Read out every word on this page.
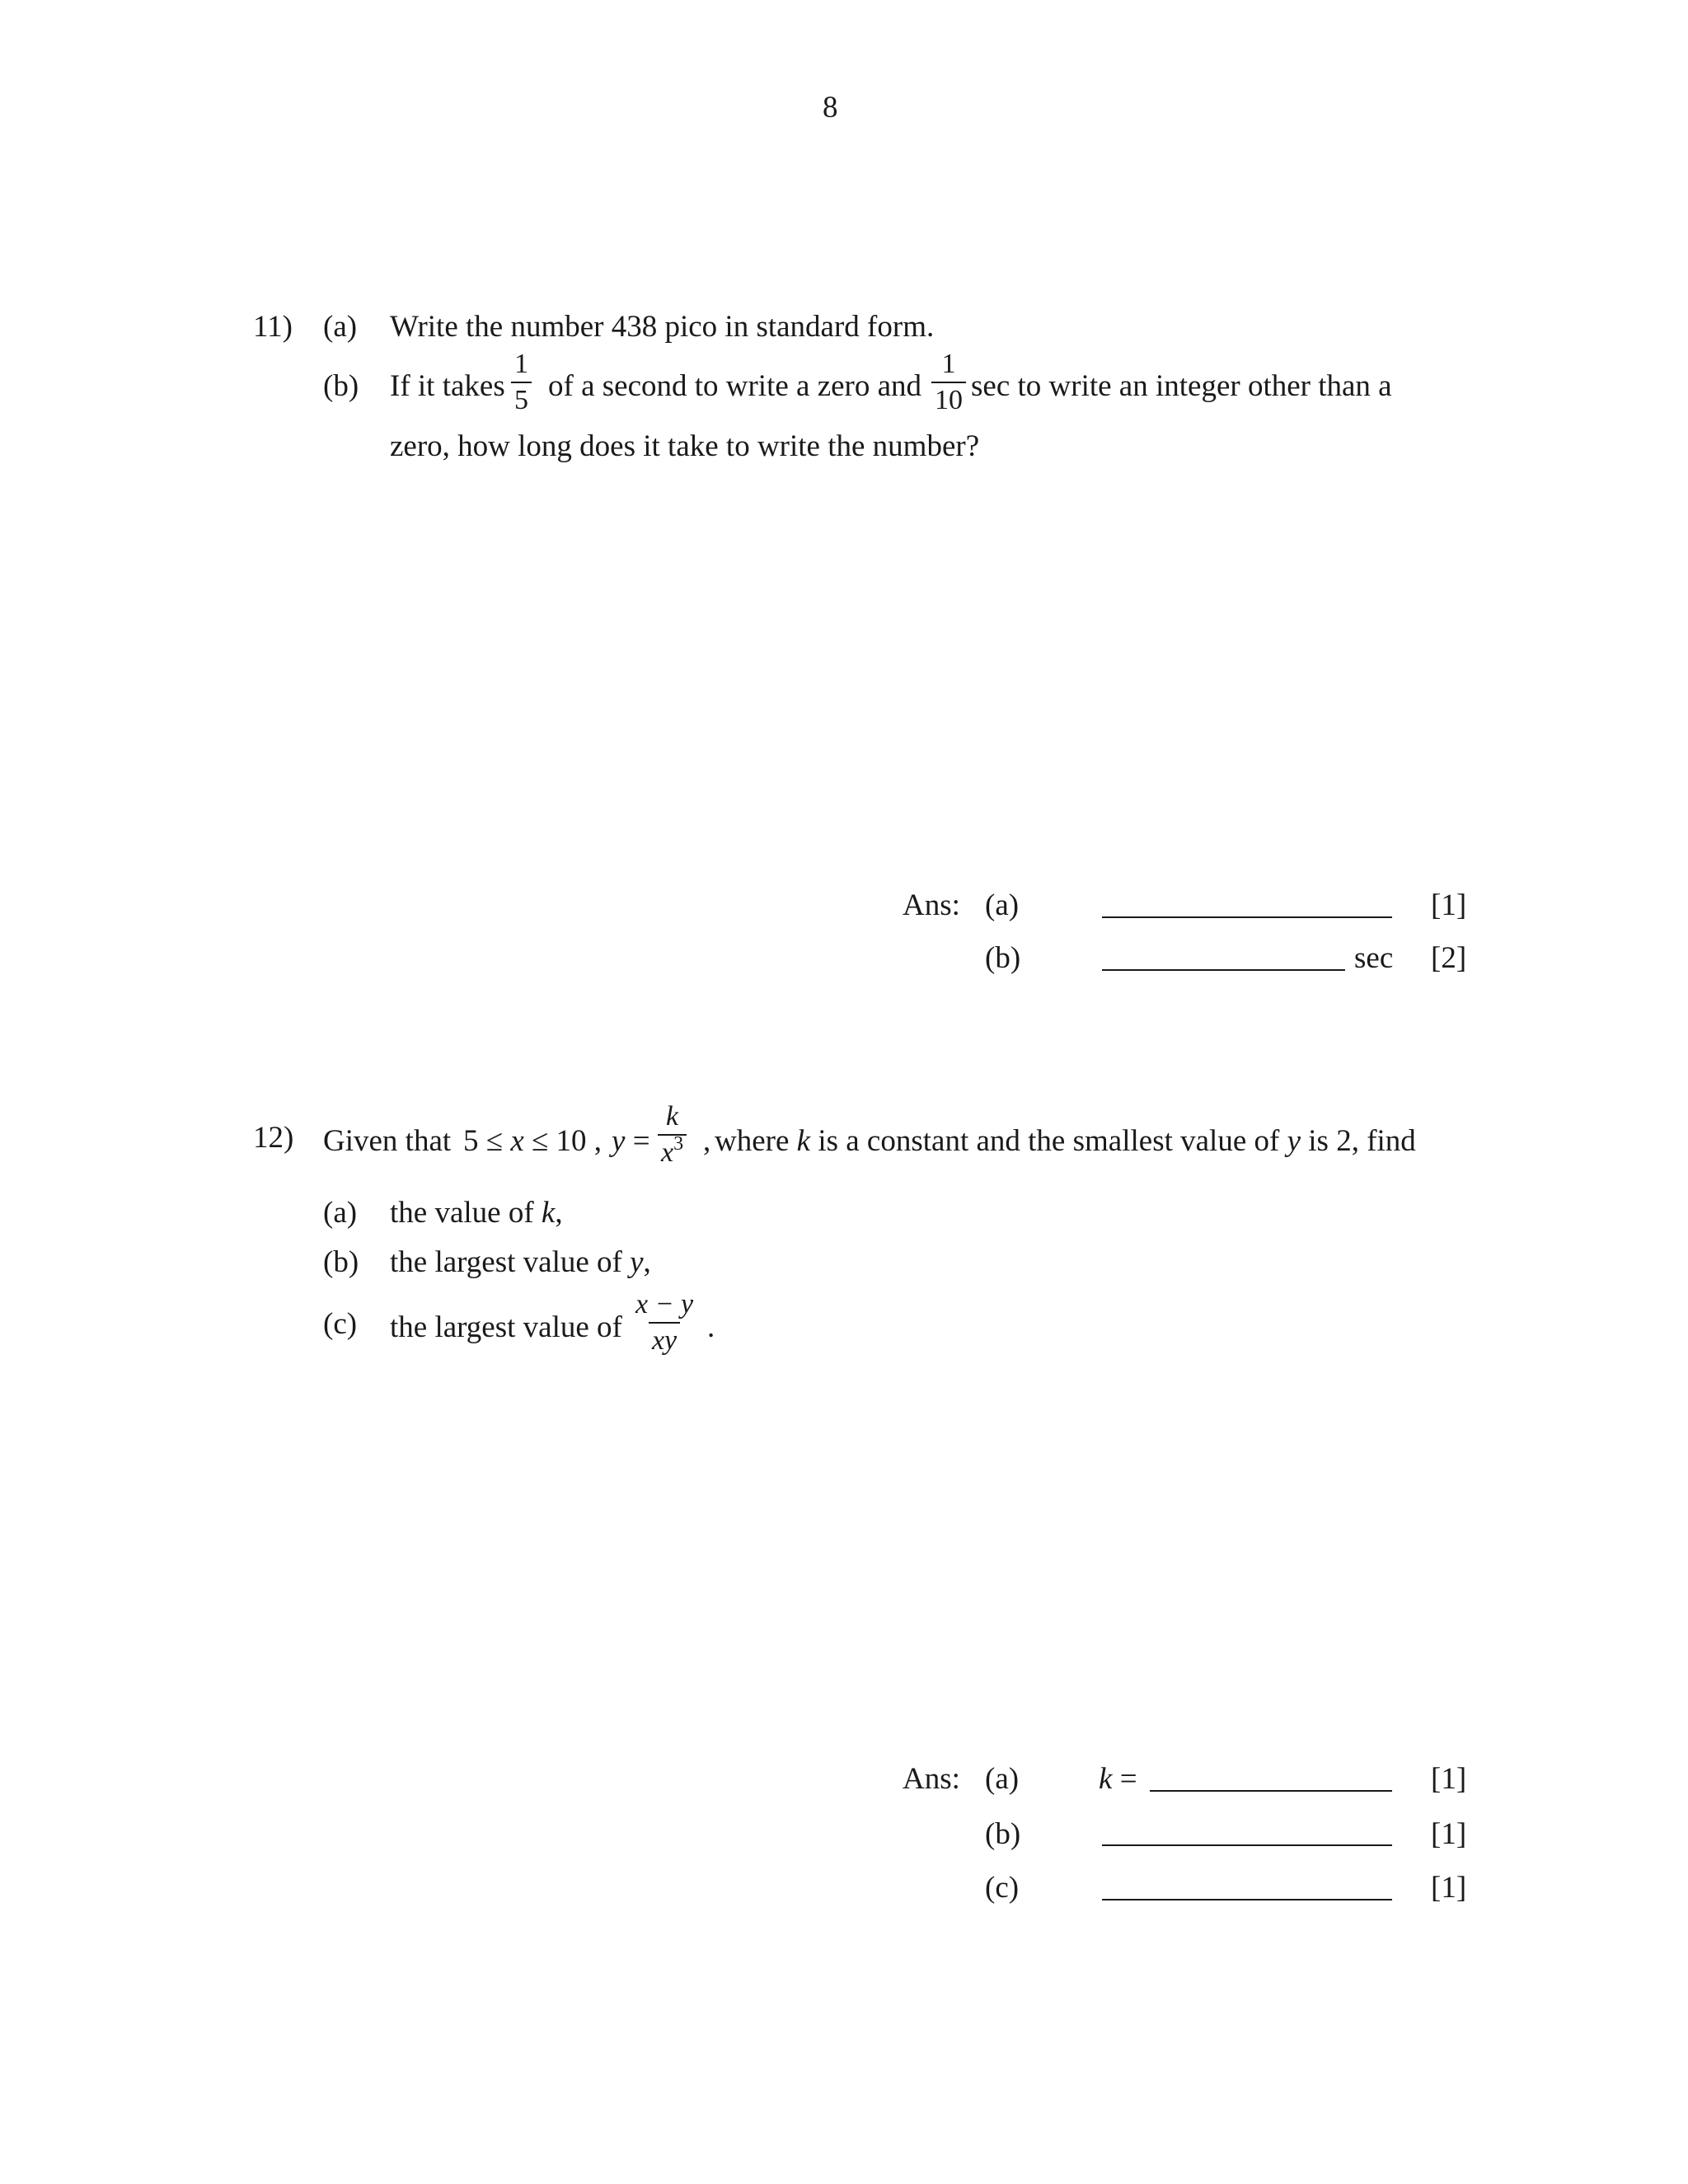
8
11) (a) Write the number 438 pico in standard form.
(b) If it takes $\frac{1}{5}$ of a second to write a zero and $\frac{1}{10}$ sec to write an integer other than a
zero, how long does it take to write the number?
Ans: (a)	[1]
(b)	sec [2]
12) Given that 5 ≤ x ≤ 10 , $y = \frac{k}{x^3}$ , where k is a constant and the smallest value of y is 2, find
(a) the value of k,
(b) the largest value of y,
(c) the largest value of $\frac{x - y}{xy}$ .
Ans: (a)	k =	[1]
(b)	[1]
(c)	[1]
